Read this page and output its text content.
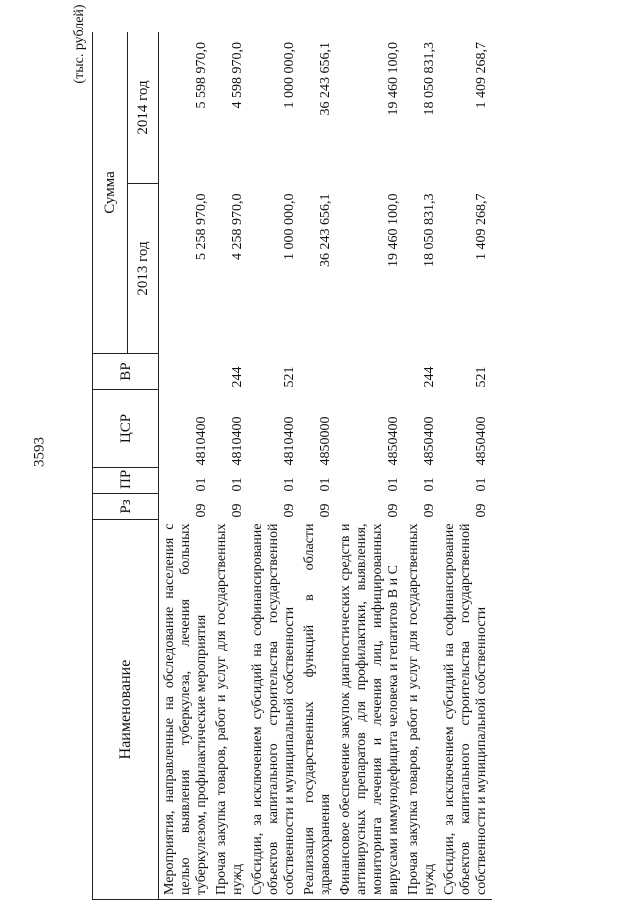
3593
(тыс. рублей)
Наименование	Рз	ПР	ЦСР	ВР	Сумма	
					2013 год	2014 год
Мероприятия, направленные на обследование населения с целью выявления туберкулеза, лечения больных туберкулезом, профилактические мероприятия	09	01	4810400		5 258 970,0	5 598 970,0
Прочая закупка товаров, работ и услуг для государственных нужд	09	01	4810400	244	4 258 970,0	4 598 970,0
Субсидии, за исключением субсидий на софинансирование объектов капитального строительства государственной собственности и муниципальной собственности	09	01	4810400	521	1 000 000,0	1 000 000,0
Реализация государственных функций в области здравоохранения	09	01	4850000		36 243 656,1	36 243 656,1
Финансовое обеспечение закупок диагностических средств и антивирусных препаратов для профилактики, выявления, мониторинга лечения и лечения лиц, инфицированных вирусами иммунодефицита человека и гепатитов В и С	09	01	4850400		19 460 100,0	19 460 100,0
Прочая закупка товаров, работ и услуг для государственных нужд	09	01	4850400	244	18 050 831,3	18 050 831,3
Субсидии, за исключением субсидий на софинансирование объектов капитального строительства государственной собственности и муниципальной собственности	09	01	4850400	521	1 409 268,7	1 409 268,7
